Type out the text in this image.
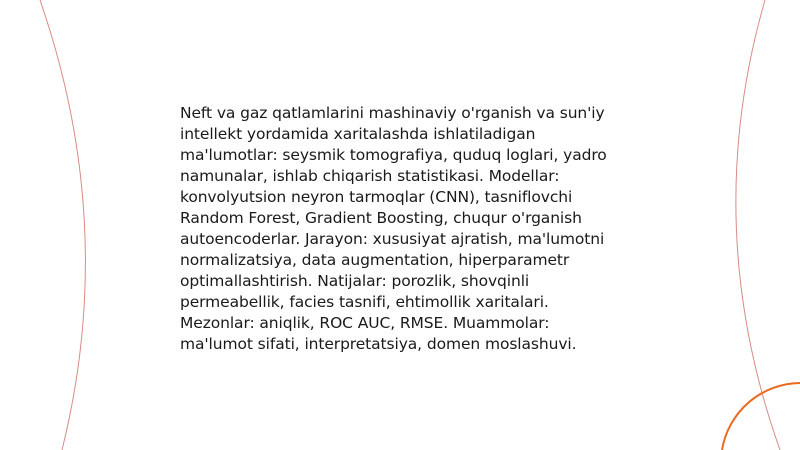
Neft va gaz qatlamlarini mashinaviy o'rganish va sun'iy intellekt yordamida xaritalashda ishlatiladigan ma'lumotlar: seysmik tomografiya, quduq loglari, yadro namunalar, ishlab chiqarish statistikasi. Modellar: konvolyutsion neyron tarmoqlar (CNN), tasniflovchi Random Forest, Gradient Boosting, chuqur o'rganish autoencoderlar. Jarayon: xususiyat ajratish, ma'lumotni normalizatsiya, data augmentation, hiperparametr optimallashtirish. Natijalar: porozlik, shovqinli permeabellik, facies tasnifi, ehtimollik xaritalari. Mezonlar: aniqlik, ROC AUC, RMSE. Muammolar: ma'lumot sifati, interpretatsiya, domen moslashuvi.
